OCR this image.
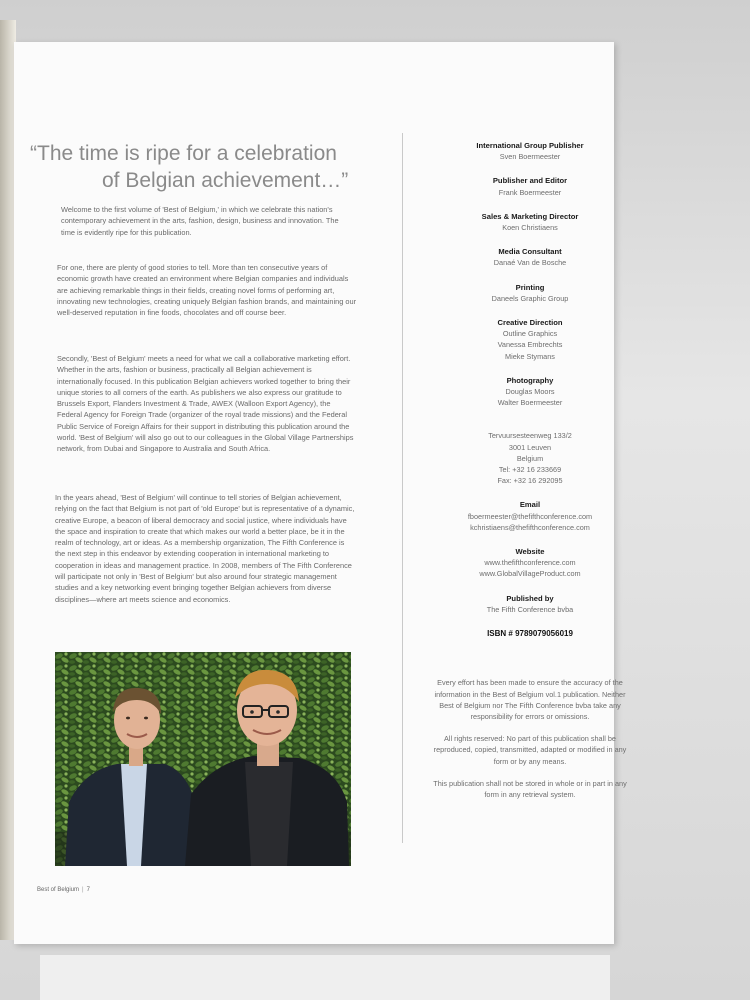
“The time is ripe for a celebration
of Belgian achievement…”

Welcome to the first volume of 'Best of Belgium,' in which we celebrate this nation's contemporary achievement in the arts, fashion, design, business and innovation. The time is evidently ripe for this publication.

For one, there are plenty of good stories to tell. More than ten consecutive years of economic growth have created an environment where Belgian companies and individuals are achieving remarkable things in their fields, creating novel forms of performing art, innovating new technologies, creating uniquely Belgian fashion brands, and maintaining our well-deserved reputation in fine foods, chocolates and off course beer.

Secondly, 'Best of Belgium' meets a need for what we call a collaborative marketing effort. Whether in the arts, fashion or business, practically all Belgian achievement is internationally focused. In this publication Belgian achievers worked together to bring their unique stories to all corners of the earth. As publishers we also express our gratitude to Brussels Export, Flanders Investment & Trade, AWEX (Walloon Export Agency), the Federal Agency for Foreign Trade (organizer of the royal trade missions) and the Federal Public Service of Foreign Affairs for their support in distributing this publication around the world. 'Best of Belgium' will also go out to our colleagues in the Global Village Partnerships network, from Dubai and Singapore to Australia and South Africa.

In the years ahead, 'Best of Belgium' will continue to tell stories of Belgian achievement, relying on the fact that Belgium is not part of 'old Europe' but is representative of a dynamic, creative Europe, a beacon of liberal democracy and social justice, where individuals have the space and inspiration to create that which makes our world a better place, be it in the realm of technology, art or ideas. As a membership organization, The Fifth Conference is the next step in this endeavor by extending cooperation in international marketing to cooperation in ideas and management practice. In 2008, members of The Fifth Conference will participate not only in 'Best of Belgium' but also around four strategic management studies and a key networking event bringing together Belgian achievers from diverse disciplines—where art meets science and economics.

Best of Belgium | 7
International Group Publisher
Sven Boermeester
Publisher and Editor
Frank Boermeester
Sales & Marketing Director
Koen Christiaens
Media Consultant
Danaé Van de Bosche
Printing
Daneels Graphic Group
Creative Direction
Outline Graphics
Vanessa Embrechts
Mieke Stymans
Photography
Douglas Moors
Walter Boermeester
Tervuursesteenweg 133/2
3001 Leuven
Belgium
Tel: +32 16 233669
Fax: +32 16 292095
Email
fboermeester@thefifthconference.com
kchristiaens@thefifthconference.com
Website
www.thefifthconference.com
www.GlobalVillageProduct.com
Published by
The Fifth Conference bvba
ISBN # 9789079056019

Every effort has been made to ensure the accuracy of the information in the Best of Belgium vol.1 publication. Neither Best of Belgium nor The Fifth Conference bvba take any responsibility for errors or omissions.

All rights reserved: No part of this publication shall be reproduced, copied, transmitted, adapted or modified in any form or by any means.

This publication shall not be stored in whole or in part in any form in any retrieval system.
